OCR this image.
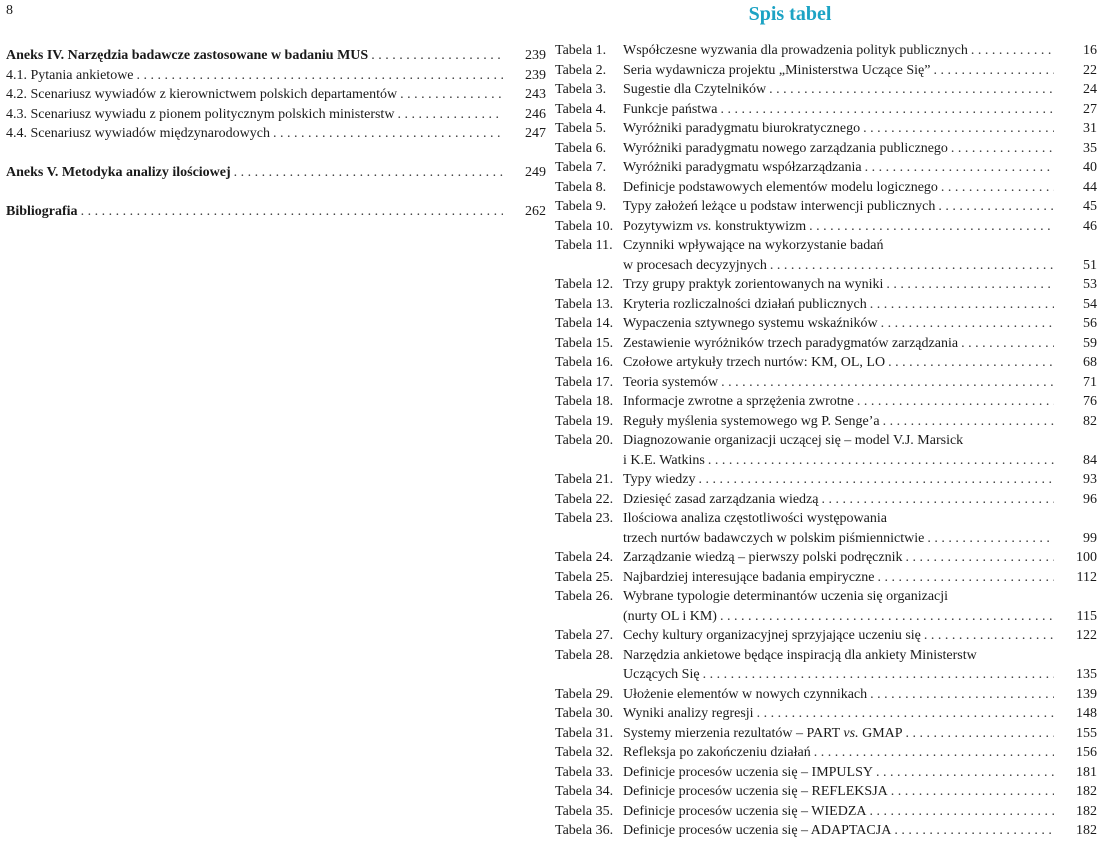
8	Spis tabel
Aneks IV. Narzędzia badawcze zastosowane w badaniu MUS . . .	239
4.1. Pytania ankietowe . . .	239
4.2. Scenariusz wywiadów z kierownictwem polskich departamentów . . .	243
4.3. Scenariusz wywiadu z pionem politycznym polskich ministerstw . . .	246
4.4. Scenariusz wywiadów międzynarodowych . . .	247
Aneks V. Metodyka analizy ilościowej . . .	249
Bibliografia . . .	262
Tabela 1.	Współczesne wyzwania dla prowadzenia polityk publicznych . . .	16
Tabela 2.	Seria wydawnicza projektu „Ministerstwa Uczące Się” . . .	22
Tabela 3.	Sugestie dla Czytelników . . .	24
Tabela 4.	Funkcje państwa . . .	27
Tabela 5.	Wyróżniki paradygmatu biurokratycznego . . .	31
Tabela 6.	Wyróżniki paradygmatu nowego zarządzania publicznego . . .	35
Tabela 7.	Wyróżniki paradygmatu współzarządzania . . .	40
Tabela 8.	Definicje podstawowych elementów modelu logicznego . . .	44
Tabela 9.	Typy założeń leżące u podstaw interwencji publicznych . . .	45
Tabela 10. Pozytywizm vs. konstruktywizm . . .	46
Tabela 11. Czynniki wpływające na wykorzystanie badań
w procesach decyzyjnych . . .	51
Tabela 12. Trzy grupy praktyk zorientowanych na wyniki . . .	53
Tabela 13. Kryteria rozliczalności działań publicznych . . .	54
Tabela 14. Wypaczenia sztywnego systemu wskaźników . . .	56
Tabela 15. Zestawienie wyróżników trzech paradygmatów zarządzania . . .	59
Tabela 16. Czołowe artykuły trzech nurtów: KM, OL, LO . . .	68
Tabela 17. Teoria systemów . . .	71
Tabela 18. Informacje zwrotne a sprzężenia zwrotne . . .	76
Tabela 19. Reguły myślenia systemowego wg P. Senge’a . . .	82
Tabela 20. Diagnozowanie organizacji uczącej się – model V.J. Marsick
i K.E. Watkins . . .	84
Tabela 21. Typy wiedzy . . .	93
Tabela 22. Dziesięć zasad zarządzania wiedzą . . .	96
Tabela 23. Ilościowa analiza częstotliwości występowania
trzech nurtów badawczych w polskim piśmiennictwie . . .	99
Tabela 24. Zarządzanie wiedzą – pierwszy polski podręcznik . . .	100
Tabela 25. Najbardziej interesujące badania empiryczne . . .	112
Tabela 26. Wybrane typologie determinantów uczenia się organizacji
(nurty OL i KM) . . .	115
Tabela 27. Cechy kultury organizacyjnej sprzyjające uczeniu się . . .	122
Tabela 28. Narzędzia ankietowe będące inspiracją dla ankiety Ministerstw
Uczących Się . . .	135
Tabela 29. Ułożenie elementów w nowych czynnikach . . .	139
Tabela 30. Wyniki analizy regresji . . .	148
Tabela 31. Systemy mierzenia rezultatów – PART vs. GMAP . . .	155
Tabela 32. Refleksja po zakończeniu działań . . .	156
Tabela 33. Definicje procesów uczenia się – IMPULSY . . .	181
Tabela 34. Definicje procesów uczenia się – REFLEKSJA . . .	182
Tabela 35. Definicje procesów uczenia się – WIEDZA . . .	182
Tabela 36. Definicje procesów uczenia się – ADAPTACJA . . .	182
